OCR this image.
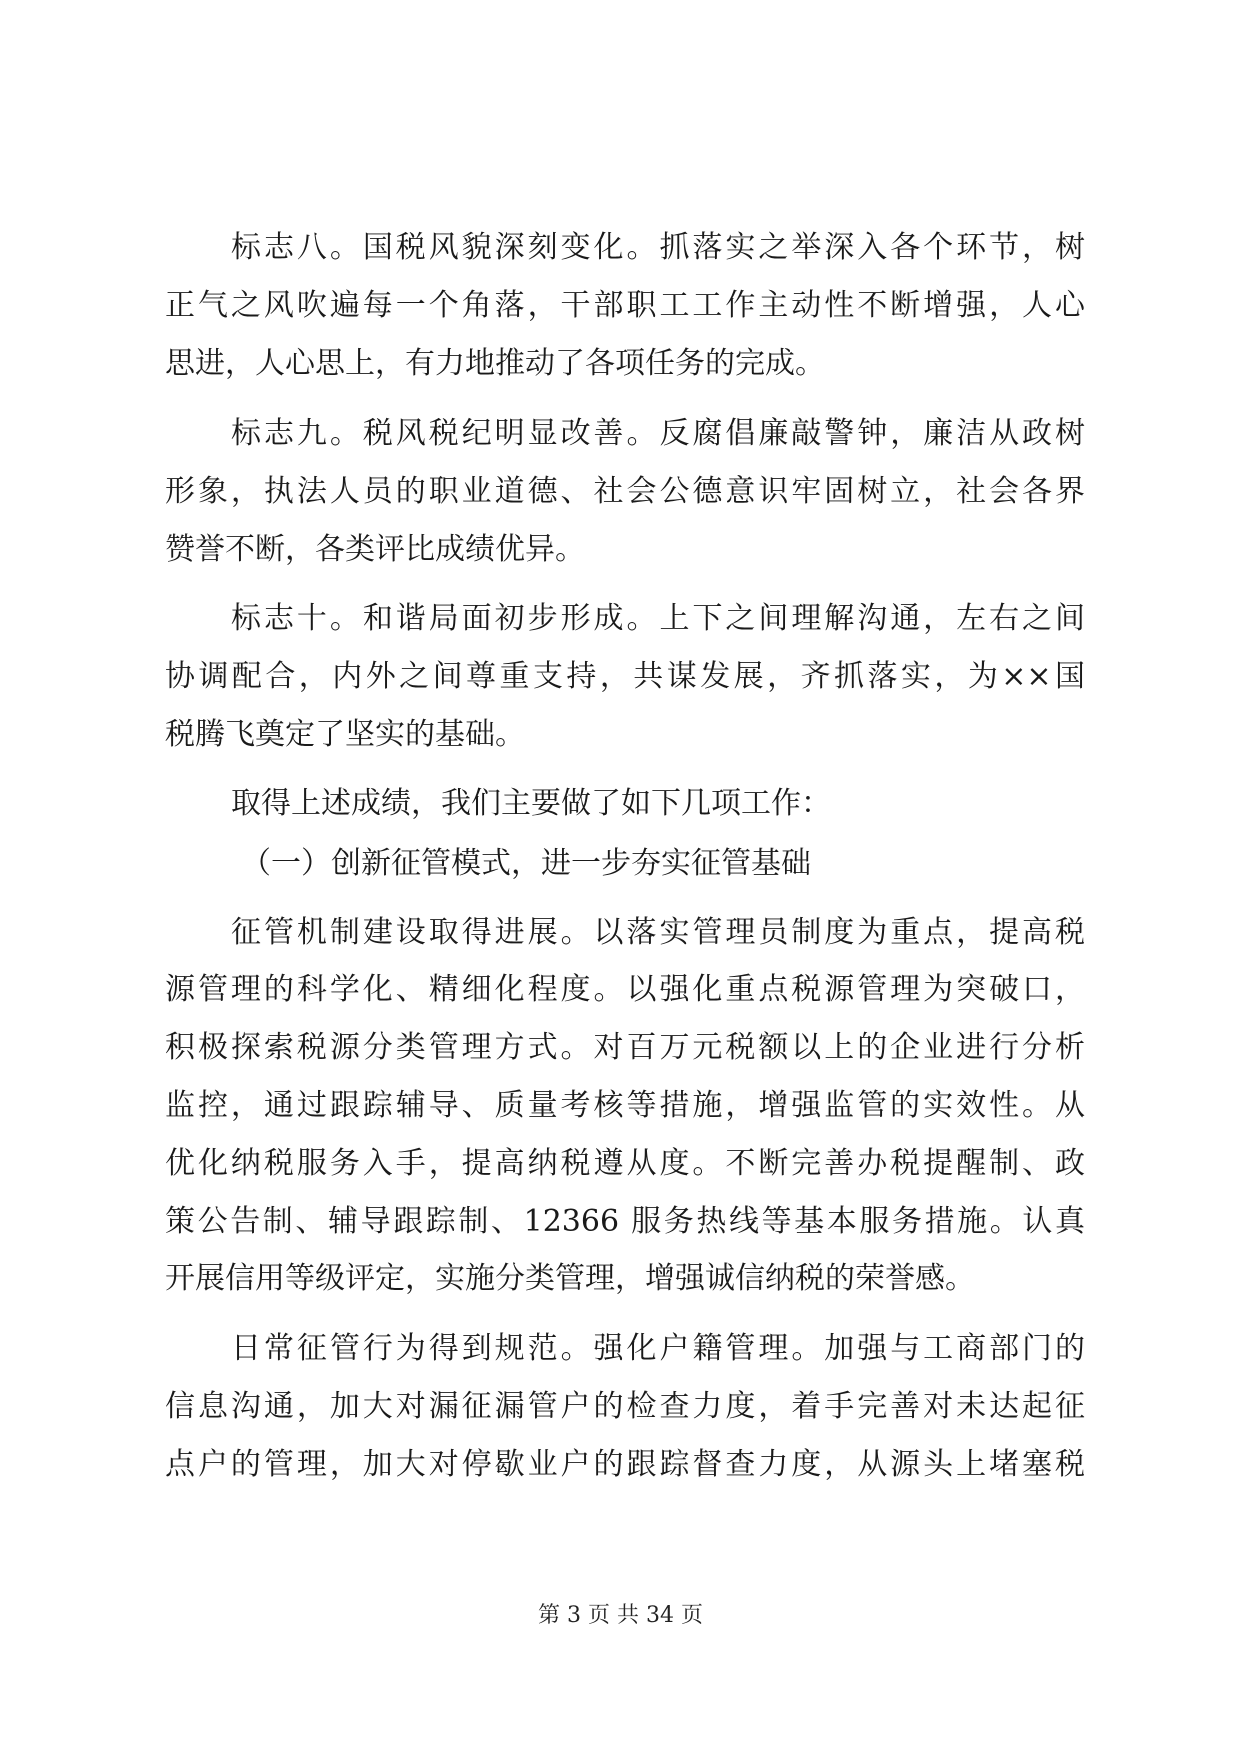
标志八。国税风貌深刻变化。抓落实之举深入各个环节，树
正气之风吹遍每一个角落，干部职工工作主动性不断增强，人心
思进，人心思上，有力地推动了各项任务的完成。
标志九。税风税纪明显改善。反腐倡廉敲警钟，廉洁从政树
形象，执法人员的职业道德、社会公德意识牢固树立，社会各界
赞誉不断，各类评比成绩优异。
标志十。和谐局面初步形成。上下之间理解沟通，左右之间
协调配合，内外之间尊重支持，共谋发展，齐抓落实，为××国
税腾飞奠定了坚实的基础。
取得上述成绩，我们主要做了如下几项工作：
（一）创新征管模式，进一步夯实征管基础
征管机制建设取得进展。以落实管理员制度为重点，提高税
源管理的科学化、精细化程度。以强化重点税源管理为突破口，
积极探索税源分类管理方式。对百万元税额以上的企业进行分析
监控，通过跟踪辅导、质量考核等措施，增强监管的实效性。从
优化纳税服务入手，提高纳税遵从度。不断完善办税提醒制、政
策公告制、辅导跟踪制、12366 服务热线等基本服务措施。认真
开展信用等级评定，实施分类管理，增强诚信纳税的荣誉感。
日常征管行为得到规范。强化户籍管理。加强与工商部门的
信息沟通，加大对漏征漏管户的检查力度，着手完善对未达起征
点户的管理，加大对停歇业户的跟踪督查力度，从源头上堵塞税
第 3 页 共 34 页
